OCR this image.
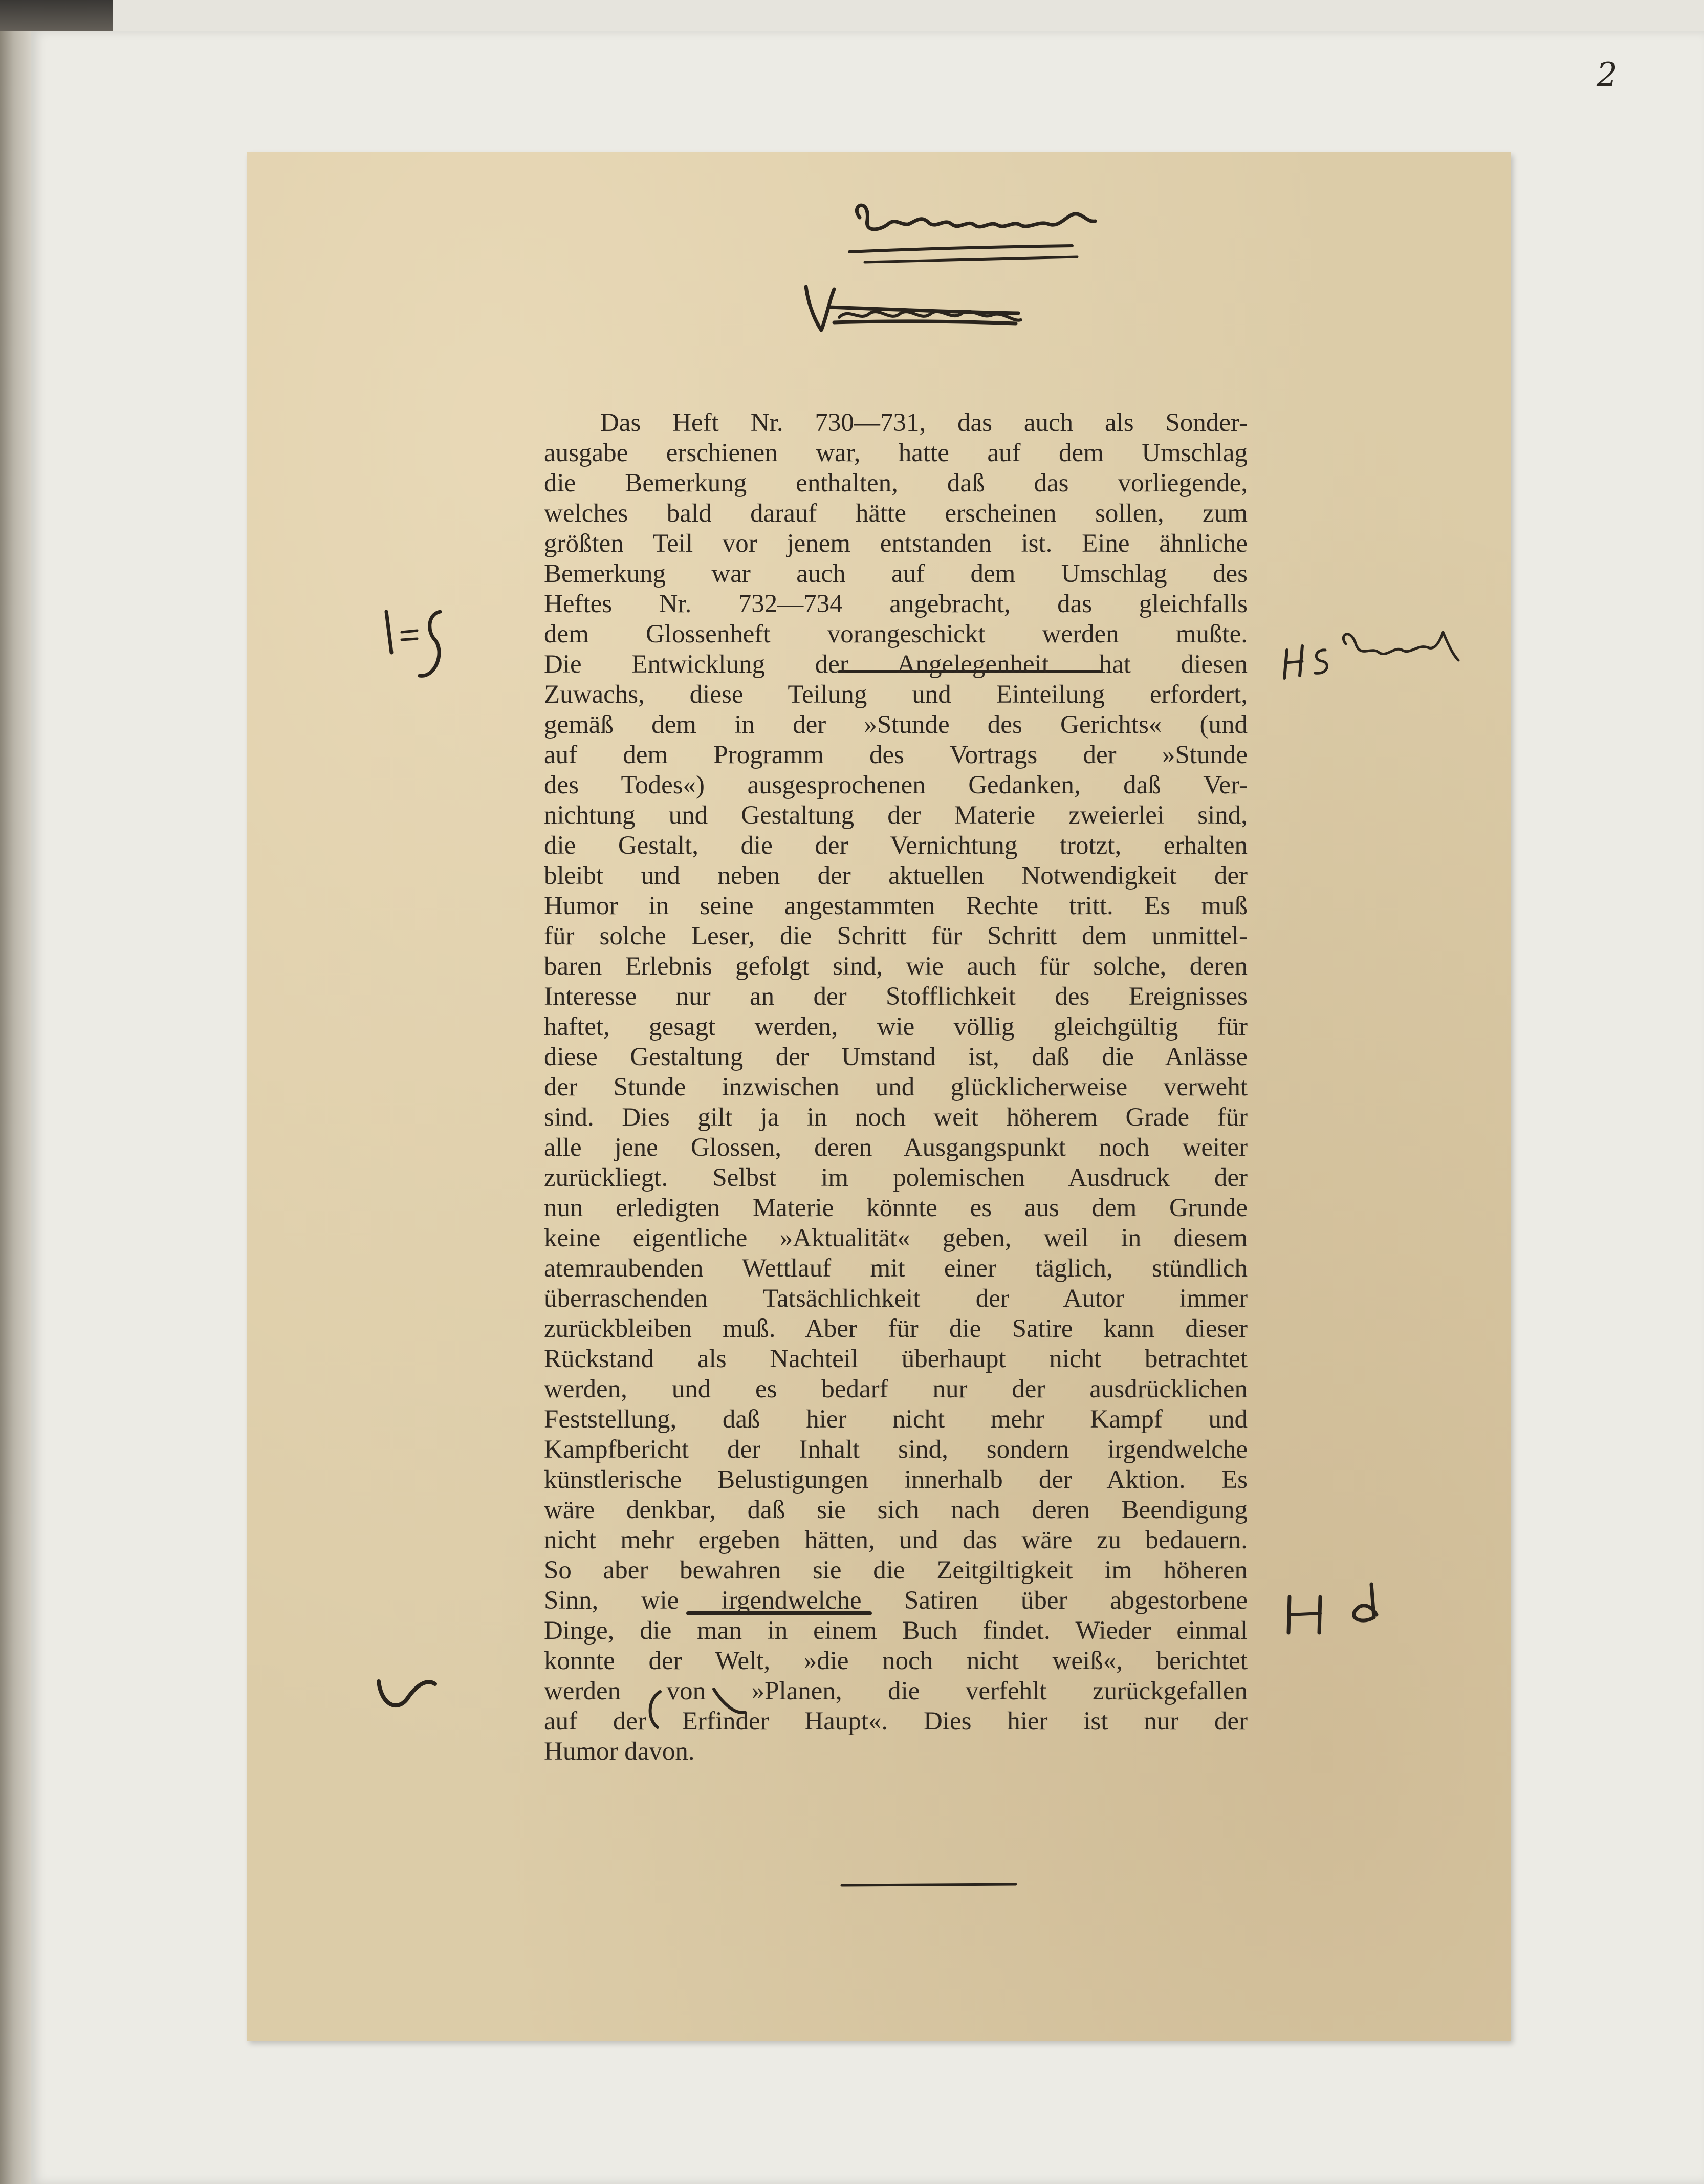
2
Das Heft Nr. 730—731, das auch als Sonder-
ausgabe erschienen war, hatte auf dem Umschlag
die Bemerkung enthalten, daß das vorliegende,
welches bald darauf hätte erscheinen sollen, zum
größten Teil vor jenem entstanden ist. Eine ähnliche
Bemerkung war auch auf dem Umschlag des
Heftes Nr. 732—734 angebracht, das gleichfalls
dem Glossenheft vorangeschickt werden mußte.
Die Entwicklung der Angelegenheit hat diesen
Zuwachs, diese Teilung und Einteilung erfordert,
gemäß dem in der »Stunde des Gerichts« (und
auf dem Programm des Vortrags der »Stunde
des Todes«) ausgesprochenen Gedanken, daß Ver-
nichtung und Gestaltung der Materie zweierlei sind,
die Gestalt, die der Vernichtung trotzt, erhalten
bleibt und neben der aktuellen Notwendigkeit der
Humor in seine angestammten Rechte tritt. Es muß
für solche Leser, die Schritt für Schritt dem unmittel-
baren Erlebnis gefolgt sind, wie auch für solche, deren
Interesse nur an der Stofflichkeit des Ereignisses
haftet, gesagt werden, wie völlig gleichgültig für
diese Gestaltung der Umstand ist, daß die Anlässe
der Stunde inzwischen und glücklicherweise verweht
sind. Dies gilt ja in noch weit höherem Grade für
alle jene Glossen, deren Ausgangspunkt noch weiter
zurückliegt. Selbst im polemischen Ausdruck der
nun erledigten Materie könnte es aus dem Grunde
keine eigentliche »Aktualität« geben, weil in diesem
atemraubenden Wettlauf mit einer täglich, stündlich
überraschenden Tatsächlichkeit der Autor immer
zurückbleiben muß. Aber für die Satire kann dieser
Rückstand als Nachteil überhaupt nicht betrachtet
werden, und es bedarf nur der ausdrücklichen
Feststellung, daß hier nicht mehr Kampf und
Kampfbericht der Inhalt sind, sondern irgendwelche
künstlerische Belustigungen innerhalb der Aktion. Es
wäre denkbar, daß sie sich nach deren Beendigung
nicht mehr ergeben hätten, und das wäre zu bedauern.
So aber bewahren sie die Zeitgiltigkeit im höheren
Sinn, wie irgendwelche Satiren über abgestorbene
Dinge, die man in einem Buch findet. Wieder einmal
konnte der Welt, »die noch nicht weiß«, berichtet
werden von »Planen, die verfehlt zurückgefallen
auf der Erfinder Haupt«. Dies hier ist nur der
Humor davon.
